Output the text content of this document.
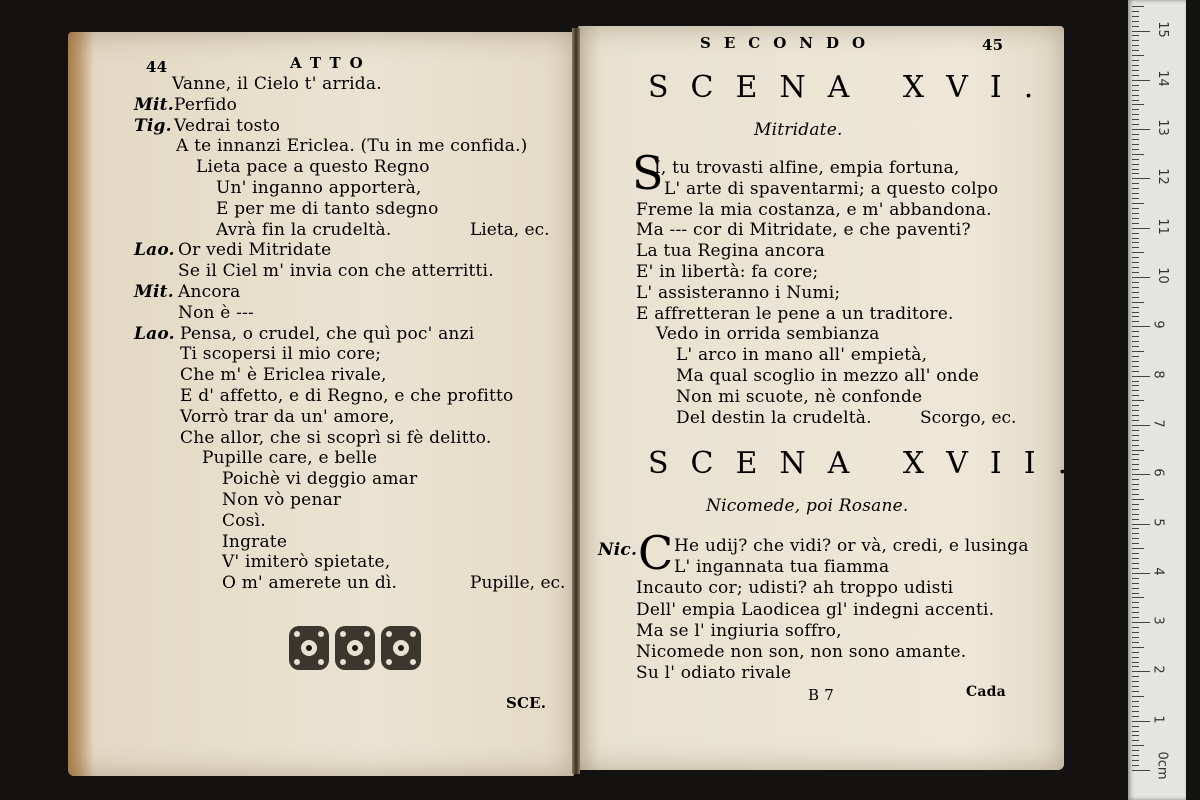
44	ATTO
Vanne, il Cielo t' arrida.
Mit. Perfido
Tig. Vedrai tosto
A te innanzi Ericlea. (Tu in me confida.)
Lieta pace a questo Regno
Un' inganno apporterà,
E per me di tanto sdegno
Avrà fin la crudeltà.	Lieta, ec.
Lao. Or vedi Mitridate
Se il Ciel m' invia con che atterritti.
Mit. Ancora
Non è ---
Lao. Pensa, o crudel, che quì poc' anzi
Ti scopersi il mio core;
Che m' è Ericlea rivale,
E d' affetto, e di Regno, e che profitto
Vorrò trar da un' amore,
Che allor, che si scoprì si fè delitto.
Pupille care, e belle
Poichè vi deggio amar
Non vò penar
Così.
Ingrate
V' imiterò spietate,
O m' amerete un dì.	Pupille, ec.
SCE.
SECONDO	45
SCENA XVI.
Mitridate.
S
I, tu trovasti alfine, empia fortuna,
L' arte di spaventarmi; a questo colpo
Freme la mia costanza, e m' abbandona.
Ma --- cor di Mitridate, e che paventi?
La tua Regina ancora
E' in libertà: fa core;
L' assisteranno i Numi;
E affretteran le pene a un traditore.
Vedo in orrida sembianza
L' arco in mano all' empietà,
Ma qual scoglio in mezzo all' onde
Non mi scuote, nè confonde
Del destin la crudeltà.	Scorgo, ec.
SCENA XVII.
Nicomede, poi Rosane.
Nic. C He udij? che vidi? or và, credi, e lusinga
L' ingannata tua fiamma
Incauto cor; udisti? ah troppo udisti
Dell' empia Laodicea gl' indegni accenti.
Ma se l' ingiuria soffro,
Nicomede non son, non sono amante.
Su l' odiato rivale
B 7	Cada
1
2
3
4
5
6
7
8
9
10
11
12
13
14
15
0cm
